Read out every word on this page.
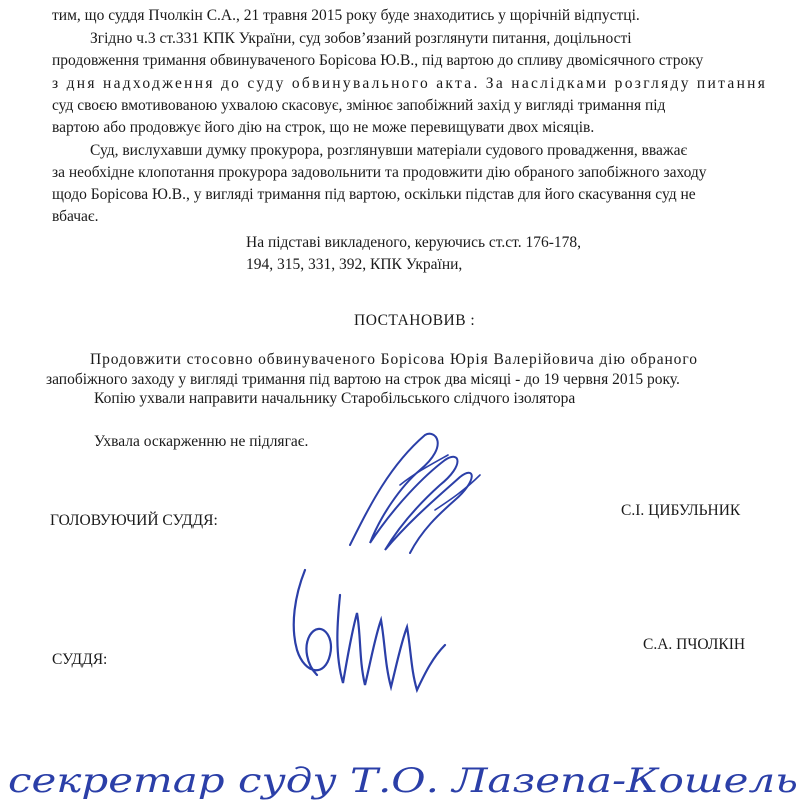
тим, що суддя Пчолкін С.А., 21 травня 2015 року буде знаходитись у щорічній відпустці.
Згідно ч.3 ст.331 КПК України, суд зобов’язаний розглянути питання, доцільності
продовження тримання обвинуваченого Борісова Ю.В., під вартою до спливу двомісячного строку
з дня надходження до суду обвинувального акта. За наслідками розгляду питання
суд своєю вмотивованою ухвалою скасовує, змінює запобіжний захід у вигляді тримання під
вартою або продовжує його дію на строк, що не може перевищувати двох місяців.
Суд, вислухавши думку прокурора, розглянувши матеріали судового провадження, вважає
за необхідне клопотання прокурора задовольнити та продовжити дію обраного запобіжного заходу
щодо Борісова Ю.В., у вигляді тримання під вартою, оскільки підстав для його скасування суд не
вбачає.
На підставі викладеного, керуючись ст.ст. 176-178,
194, 315, 331, 392, КПК України,
ПОСТАНОВИВ :
Продовжити стосовно обвинуваченого Борісова Юрія Валерійовича дію обраного
запобіжного заходу у вигляді тримання під вартою на строк два місяці - до 19 червня 2015 року.
Копію ухвали направити начальнику Старобільського слідчого ізолятора
Ухвала оскарженню не підлягає.
ГОЛОВУЮЧИЙ СУДДЯ:
С.І. ЦИБУЛЬНИК
СУДДЯ:
С.А. ПЧОЛКІН
секретар суду Т.О. Лазепа-Кошель
